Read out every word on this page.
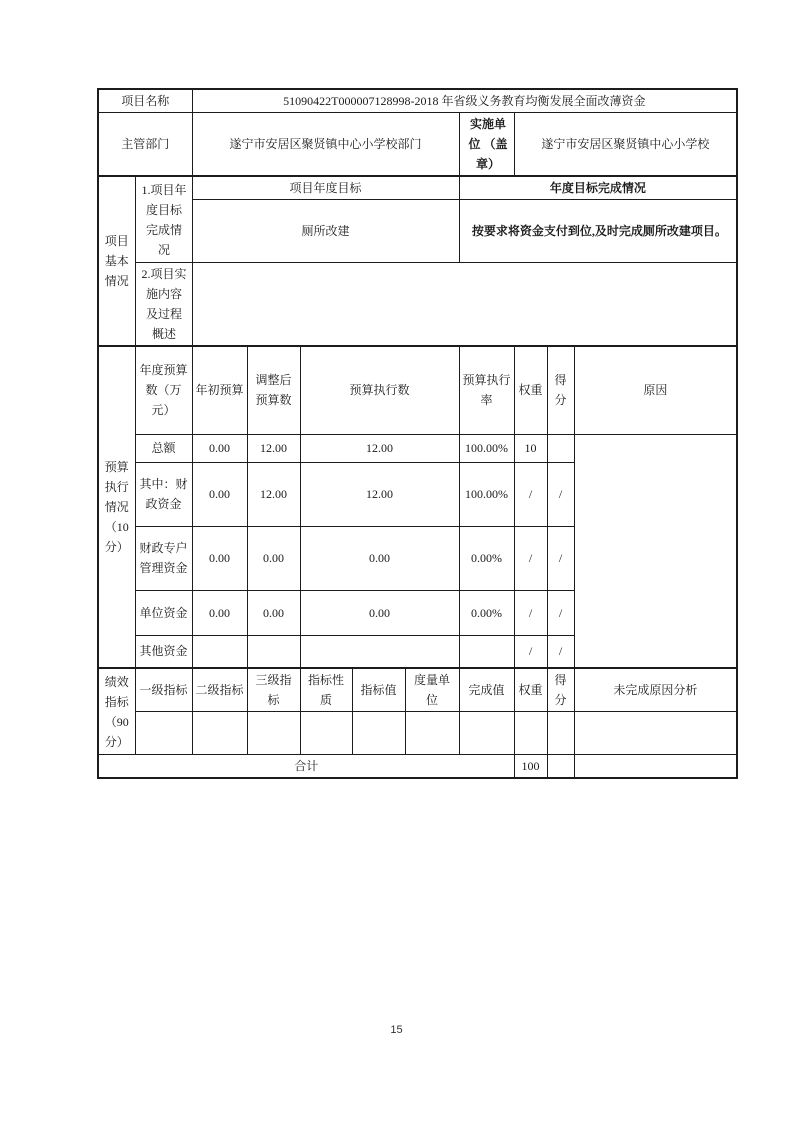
项目名称		51090422T000007128998-2018 年省级义务教育均衡发展全面改薄资金								
主管部门		遂宁市安居区聚贤镇中心小学校部门					实施单位 （盖章）	遂宁市安居区聚贤镇中心小学校		
项目基本情况	1.项目年度目标完成情况	项目年度目标					年度目标完成情况			
		厕所改建					按要求将资金支付到位,及时完成厕所改建项目。			
	2.项目实施内容及过程概述									
预算执行情况（10分）	年度预算数（万元）	年初预算	调整后预算数	预算执行数			预算执行率	权重	得分	原因
	总额	0.00	12.00	12.00			100.00%	10		
	其中：财政资金	0.00	12.00	12.00			100.00%	/	/	
	财政专户管理资金	0.00	0.00	0.00			0.00%	/	/	
	单位资金	0.00	0.00	0.00			0.00%	/	/	
	其他资金							/	/	
绩效指标（90分）	一级指标	二级指标	三级指标	指标性质	指标值	度量单位	完成值	权重	得分	未完成原因分析

合计								100		
15
